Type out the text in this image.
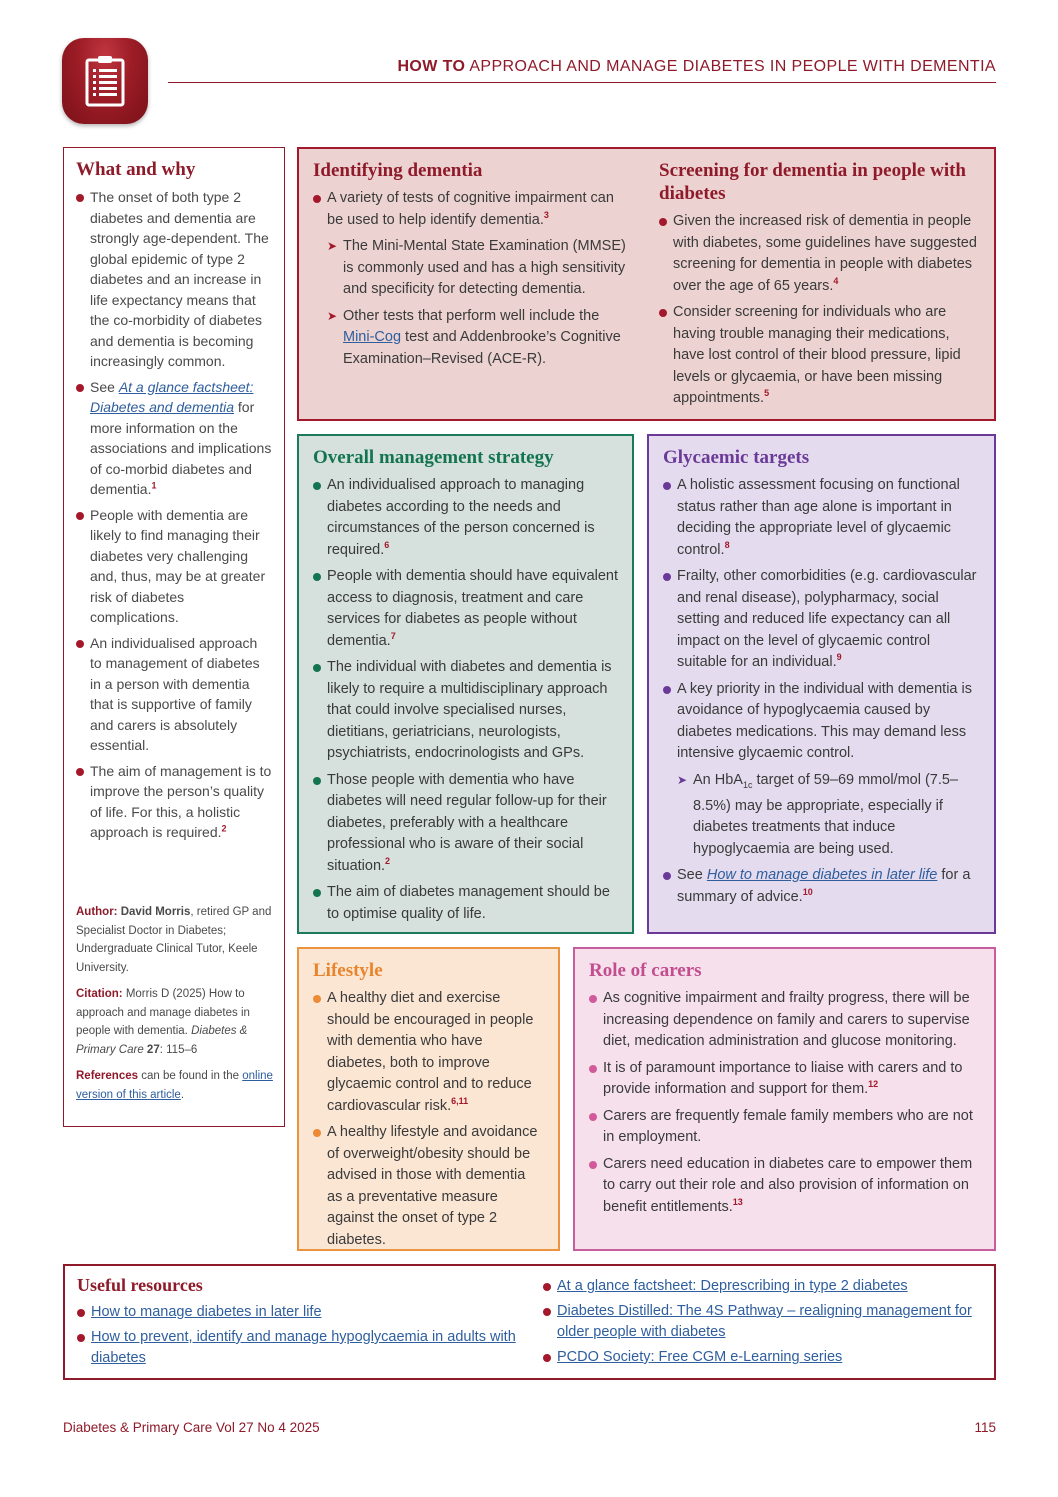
HOW TO APPROACH AND MANAGE DIABETES IN PEOPLE WITH DEMENTIA
What and why
The onset of both type 2 diabetes and dementia are strongly age-dependent. The global epidemic of type 2 diabetes and an increase in life expectancy means that the co-morbidity of diabetes and dementia is becoming increasingly common.
See At a glance factsheet: Diabetes and dementia for more information on the associations and implications of co-morbid diabetes and dementia.$^1$
People with dementia are likely to find managing their diabetes very challenging and, thus, may be at greater risk of diabetes complications.
An individualised approach to management of diabetes in a person with dementia that is supportive of family and carers is absolutely essential.
The aim of management is to improve the person’s quality of life. For this, a holistic approach is required.$^2$

Author: David Morris, retired GP and Specialist Doctor in Diabetes; Undergraduate Clinical Tutor, Keele University.

Citation: Morris D (2025) How to approach and manage diabetes in people with dementia. Diabetes & Primary Care 27: 115–6

References can be found in the online version of this article.

Identifying dementia
A variety of tests of cognitive impairment can be used to help identify dementia.$^3$
➤ The Mini-Mental State Examination (MMSE) is commonly used and has a high sensitivity and specificity for detecting dementia.
➤ Other tests that perform well include the Mini-Cog test and Addenbrooke’s Cognitive Examination–Revised (ACE-R).
Screening for dementia in people with diabetes
Given the increased risk of dementia in people with diabetes, some guidelines have suggested screening for dementia in people with diabetes over the age of 65 years.$^4$
Consider screening for individuals who are having trouble managing their medications, have lost control of their blood pressure, lipid levels or glycaemia, or have been missing appointments.$^5$
Overall management strategy
An individualised approach to managing diabetes according to the needs and circumstances of the person concerned is required.$^6$
People with dementia should have equivalent access to diagnosis, treatment and care services for diabetes as people without dementia.$^7$
The individual with diabetes and dementia is likely to require a multidisciplinary approach that could involve specialised nurses, dietitians, geriatricians, neurologists, psychiatrists, endocrinologists and GPs.
Those people with dementia who have diabetes will need regular follow-up for their diabetes, preferably with a healthcare professional who is aware of their social situation.$^2$
The aim of diabetes management should be to optimise quality of life.
Glycaemic targets
A holistic assessment focusing on functional status rather than age alone is important in deciding the appropriate level of glycaemic control.$^8$
Frailty, other comorbidities (e.g. cardiovascular and renal disease), polypharmacy, social setting and reduced life expectancy can all impact on the level of glycaemic control suitable for an individual.$^9$
A key priority in the individual with dementia is avoidance of hypoglycaemia caused by diabetes medications. This may demand less intensive glycaemic control.
➤ An HbA$_{1c}$ target of 59–69 mmol/mol (7.5–8.5%) may be appropriate, especially if diabetes treatments that induce hypoglycaemia are being used.
See How to manage diabetes in later life for a summary of advice.$^{10}$
Lifestyle
A healthy diet and exercise should be encouraged in people with dementia who have diabetes, both to improve glycaemic control and to reduce cardiovascular risk.$^{6,11}$
A healthy lifestyle and avoidance of overweight/obesity should be advised in those with dementia as a preventative measure against the onset of type 2 diabetes.
Role of carers
As cognitive impairment and frailty progress, there will be increasing dependence on family and carers to supervise diet, medication administration and glucose monitoring.
It is of paramount importance to liaise with carers and to provide information and support for them.$^{12}$
Carers are frequently female family members who are not in employment.
Carers need education in diabetes care to empower them to carry out their role and also provision of information on benefit entitlements.$^{13}$
Useful resources
How to manage diabetes in later life
How to prevent, identify and manage hypoglycaemia in adults with diabetes
At a glance factsheet: Deprescribing in type 2 diabetes
Diabetes Distilled: The 4S Pathway – realigning management for older people with diabetes
PCDO Society: Free CGM e-Learning series
Diabetes & Primary Care Vol 27 No 4 2025	115
